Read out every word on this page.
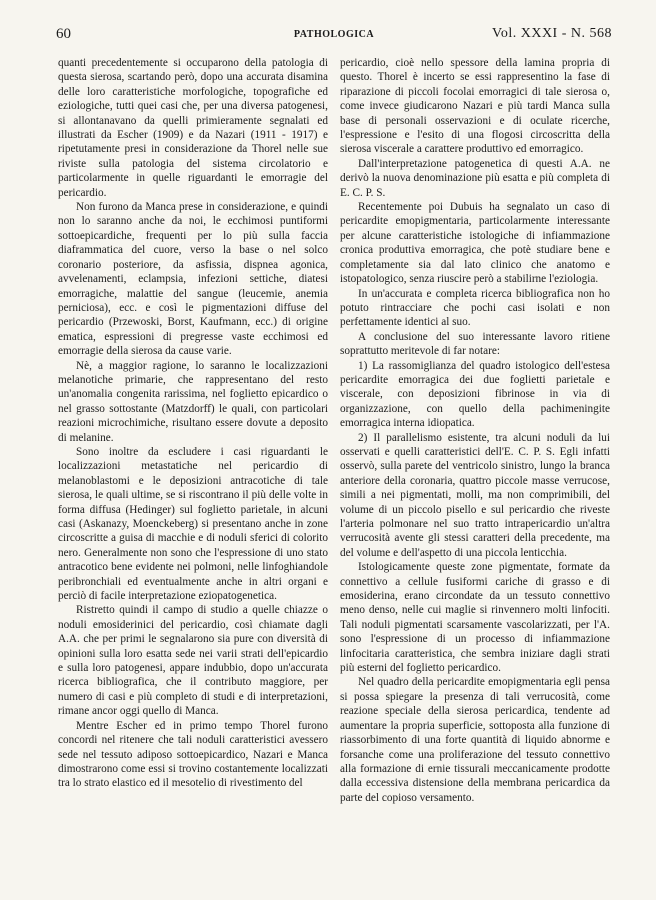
60	PATHOLOGICA	Vol. XXXI - N. 568

quanti precedentemente si occuparono della patologia di questa sierosa, scartando però, dopo una accurata disamina delle loro caratteristiche morfologiche, topografiche ed eziologiche, tutti quei casi che, per una diversa patogenesi, si allontanavano da quelli primieramente segnalati ed illustrati da Escher (1909) e da Nazari (1911 - 1917) e ripetutamente presi in considerazione da Thorel nelle sue riviste sulla patologia del sistema circolatorio e particolarmente in quelle riguardanti le emorragie del pericardio.

Non furono da Manca prese in considerazione, e quindi non lo saranno anche da noi, le ecchimosi puntiformi sottoepicardiche, frequenti per lo più sulla faccia diaframmatica del cuore, verso la base o nel solco coronario posteriore, da asfissia, dispnea agonica, avvelenamenti, eclampsia, infezioni settiche, diatesi emorragiche, malattie del sangue (leucemie, anemia perniciosa), ecc. e così le pigmentazioni diffuse del pericardio (Przewoski, Borst, Kaufmann, ecc.) di origine ematica, espressioni di pregresse vaste ecchimosi ed emorragie della sierosa da cause varie.

Nè, a maggior ragione, lo saranno le localizzazioni melanotiche primarie, che rappresentano del resto un'anomalia congenita rarissima, nel foglietto epicardico o nel grasso sottostante (Matzdorff) le quali, con particolari reazioni microchimiche, risultano essere dovute a deposito di melanine.

Sono inoltre da escludere i casi riguardanti le localizzazioni metastatiche nel pericardio di melanoblastomi e le deposizioni antracotiche di tale sierosa, le quali ultime, se si riscontrano il più delle volte in forma diffusa (Hedinger) sul foglietto parietale, in alcuni casi (Askanazy, Moenckeberg) si presentano anche in zone circoscritte a guisa di macchie e di noduli sferici di colorito nero. Generalmente non sono che l'espressione di uno stato antracotico bene evidente nei polmoni, nelle linfoghiandole peribronchiali ed eventualmente anche in altri organi e perciò di facile interpretazione eziopatogenetica.

Ristretto quindi il campo di studio a quelle chiazze o noduli emosiderinici del pericardio, così chiamate dagli A.A. che per primi le segnalarono sia pure con diversità di opinioni sulla loro esatta sede nei varii strati dell'epicardio e sulla loro patogenesi, appare indubbio, dopo un'accurata ricerca bibliografica, che il contributo maggiore, per numero di casi e più completo di studi e di interpretazioni, rimane ancor oggi quello di Manca.

Mentre Escher ed in primo tempo Thorel furono concordi nel ritenere che tali noduli caratteristici avessero sede nel tessuto adiposo sottoepicardico, Nazari e Manca dimostrarono come essi si trovino costantemente localizzati tra lo strato elastico ed il mesotelio di rivestimento del

pericardio, cioè nello spessore della lamina propria di questo. Thorel è incerto se essi rappresentino la fase di riparazione di piccoli focolai emorragici di tale sierosa o, come invece giudicarono Nazari e più tardi Manca sulla base di personali osservazioni e di oculate ricerche, l'espressione e l'esito di una flogosi circoscritta della sierosa viscerale a carattere produttivo ed emorragico.

Dall'interpretazione patogenetica di questi A.A. ne derivò la nuova denominazione più esatta e più completa di E. C. P. S.

Recentemente poi Dubuis ha segnalato un caso di pericardite emopigmentaria, particolarmente interessante per alcune caratteristiche istologiche di infiammazione cronica produttiva emorragica, che potè studiare bene e completamente sia dal lato clinico che anatomo e istopatologico, senza riuscire però a stabilirne l'eziologia.

In un'accurata e completa ricerca bibliografica non ho potuto rintracciare che pochi casi isolati e non perfettamente identici al suo.

A conclusione del suo interessante lavoro ritiene soprattutto meritevole di far notare:

1) La rassomiglianza del quadro istologico dell'estesa pericardite emorragica dei due foglietti parietale e viscerale, con deposizioni fibrinose in via di organizzazione, con quello della pachimeningite emorragica interna idiopatica.

2) Il parallelismo esistente, tra alcuni noduli da lui osservati e quelli caratteristici dell'E. C. P. S. Egli infatti osservò, sulla parete del ventricolo sinistro, lungo la branca anteriore della coronaria, quattro piccole masse verrucose, simili a nei pigmentati, molli, ma non comprimibili, del volume di un piccolo pisello e sul pericardio che riveste l'arteria polmonare nel suo tratto intrapericardio un'altra verrucosità avente gli stessi caratteri della precedente, ma del volume e dell'aspetto di una piccola lenticchia.

Istologicamente queste zone pigmentate, formate da connettivo a cellule fusiformi cariche di grasso e di emosiderina, erano circondate da un tessuto connettivo meno denso, nelle cui maglie si rinvennero molti linfociti. Tali noduli pigmentati scarsamente vascolarizzati, per l'A. sono l'espressione di un processo di infiammazione linfocitaria caratteristica, che sembra iniziare dagli strati più esterni del foglietto pericardico.

Nel quadro della pericardite emopigmentaria egli pensa si possa spiegare la presenza di tali verrucosità, come reazione speciale della sierosa pericardica, tendente ad aumentare la propria superficie, sottoposta alla funzione di riassorbimento di una forte quantità di liquido abnorme e forsanche come una proliferazione del tessuto connettivo alla formazione di ernie tissurali meccanicamente prodotte dalla eccessiva distensione della membrana pericardica da parte del copioso versamento.
